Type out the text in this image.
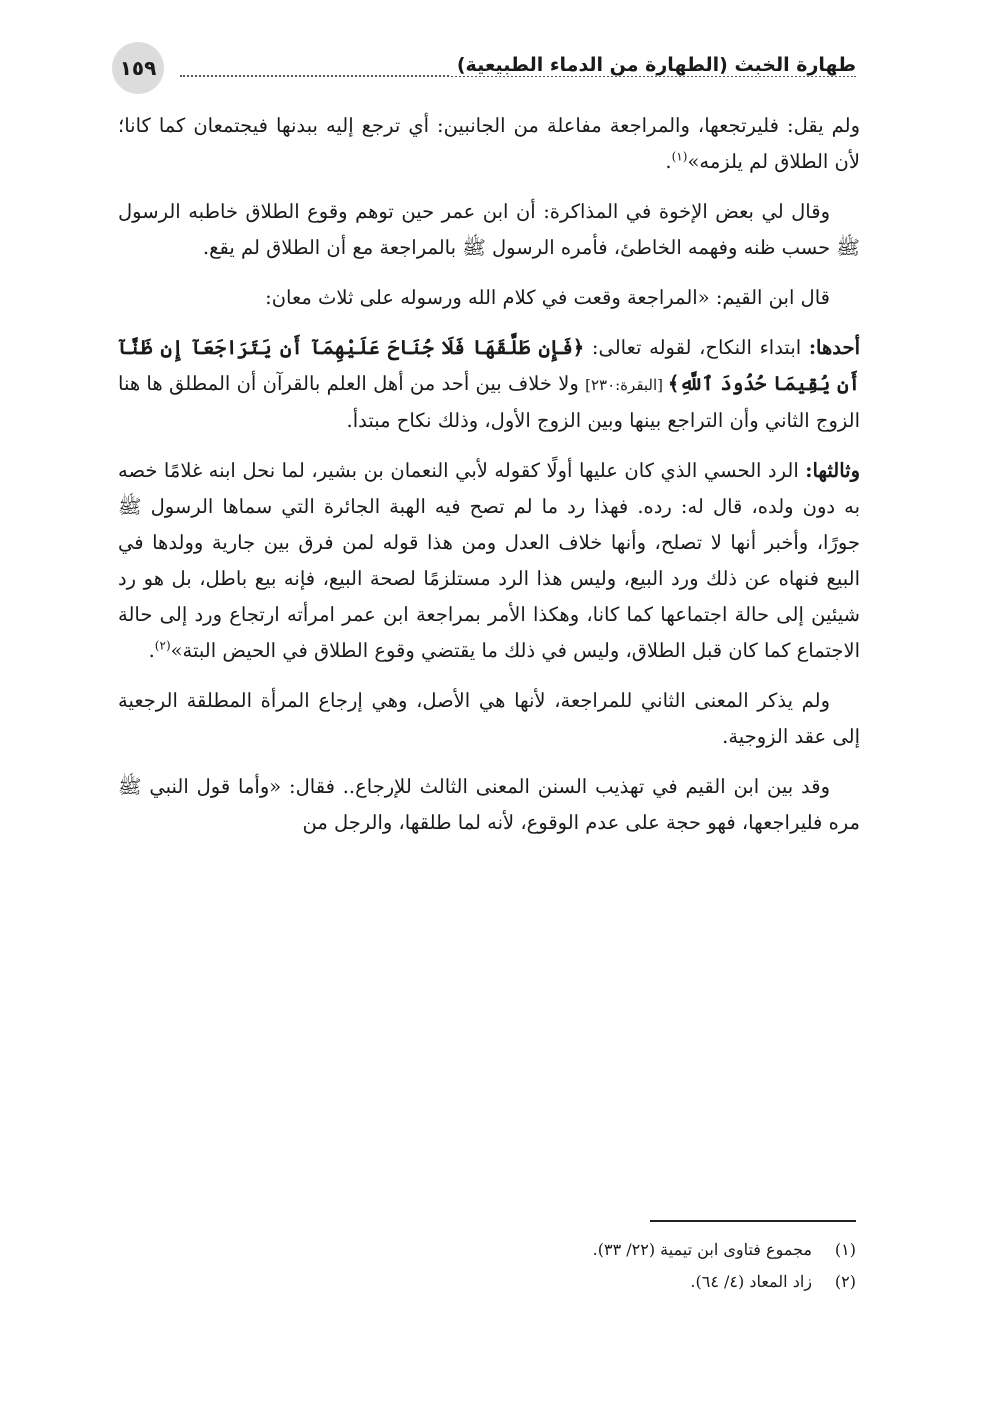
طهارة الخبث (الطهارة من الدماء الطبيعية)
١٥٩

ولم يقل: فليرتجعها، والمراجعة مفاعلة من الجانبين: أي ترجع إليه ببدنها فيجتمعان كما كانا؛ لأن الطلاق لم يلزمه»$^{(١)}$.

وقال لي بعض الإخوة في المذاكرة: أن ابن عمر حين توهم وقوع الطلاق خاطبه الرسول ﷺ حسب ظنه وفهمه الخاطئ، فأمره الرسول ﷺ بالمراجعة مع أن الطلاق لم يقع.

قال ابن القيم: «المراجعة وقعت في كلام الله ورسوله على ثلاث معان:

أحدها: ابتداء النكاح، لقوله تعالى: ﴿فَإِن طَلَّقَهَا فَلَا جُنَاحَ عَلَيْهِمَآ أَن يَتَرَاجَعَآ إِن ظَنَّآ أَن يُقِيمَا حُدُودَ ٱللَّهِ﴾ [البقرة:٢٣٠] ولا خلاف بين أحد من أهل العلم بالقرآن أن المطلق ها هنا الزوج الثاني وأن التراجع بينها وبين الزوج الأول، وذلك نكاح مبتدأ.

وثالثها: الرد الحسي الذي كان عليها أولًا كقوله لأبي النعمان بن بشير، لما نحل ابنه غلامًا خصه به دون ولده، قال له: رده. فهذا رد ما لم تصح فيه الهبة الجائرة التي سماها الرسول ﷺ جورًا، وأخبر أنها لا تصلح، وأنها خلاف العدل ومن هذا قوله لمن فرق بين جارية وولدها في البيع فنهاه عن ذلك ورد البيع، وليس هذا الرد مستلزمًا لصحة البيع، فإنه بيع باطل، بل هو رد شيئين إلى حالة اجتماعها كما كانا، وهكذا الأمر بمراجعة ابن عمر امرأته ارتجاع ورد إلى حالة الاجتماع كما كان قبل الطلاق، وليس في ذلك ما يقتضي وقوع الطلاق في الحيض البتة»$^{(٢)}$.

ولم يذكر المعنى الثاني للمراجعة، لأنها هي الأصل، وهي إرجاع المرأة المطلقة الرجعية إلى عقد الزوجية.

وقد بين ابن القيم في تهذيب السنن المعنى الثالث للإرجاع.. فقال: «وأما قول النبي ﷺ مره فليراجعها، فهو حجة على عدم الوقوع، لأنه لما طلقها، والرجل من

(١)
مجموع فتاوى ابن تيمية (٢٢/ ٣٣).
(٢)
زاد المعاد (٤/ ٦٤).
